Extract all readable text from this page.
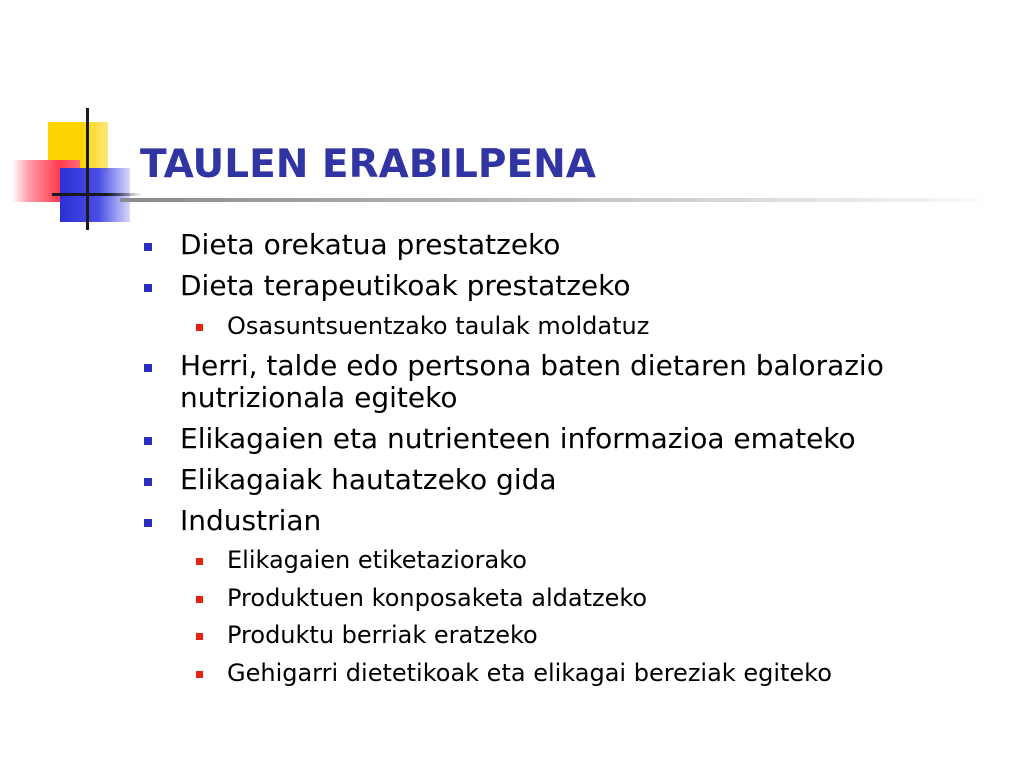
TAULEN ERABILPENA
Dieta orekatua prestatzeko
Dieta terapeutikoak prestatzeko
Osasuntsuentzako taulak moldatuz
Herri, talde edo pertsona baten dietaren balorazio nutrizionala egiteko
Elikagaien eta nutrienteen informazioa emateko
Elikagaiak hautatzeko gida
Industrian
Elikagaien etiketaziorako
Produktuen konposaketa aldatzeko
Produktu berriak eratzeko
Gehigarri dietetikoak eta elikagai bereziak egiteko
